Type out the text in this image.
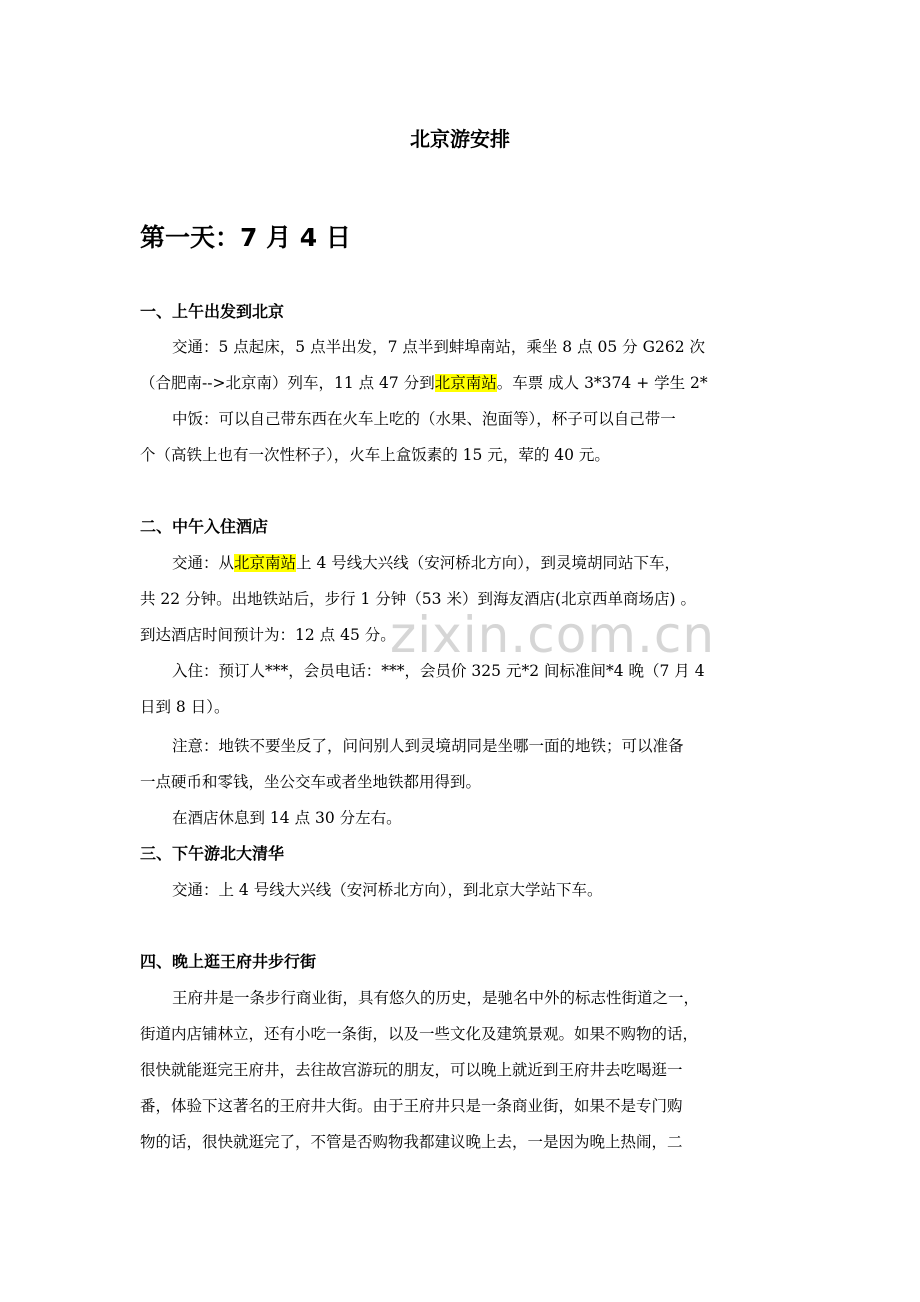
北京游安排
第一天：7 月 4 日
一、上午出发到北京
交通：5 点起床，5 点半出发，7 点半到蚌埠南站，乘坐 8 点 05 分 G262 次
（合肥南-->北京南）列车，11 点 47 分到北京南站。车票 成人 3*374 + 学生 2*
中饭：可以自己带东西在火车上吃的（水果、泡面等），杯子可以自己带一
个（高铁上也有一次性杯子），火车上盒饭素的 15 元，荤的 40 元。
二、中午入住酒店
交通：从北京南站上 4 号线大兴线（安河桥北方向），到灵境胡同站下车，
共 22 分钟。出地铁站后，步行 1 分钟（53 米）到海友酒店(北京西单商场店) 。
到达酒店时间预计为：12 点 45 分。
入住：预订人***，会员电话：***，会员价 325 元*2 间标准间*4 晚（7 月 4
日到 8 日）。
注意：地铁不要坐反了，问问别人到灵境胡同是坐哪一面的地铁；可以准备
一点硬币和零钱，坐公交车或者坐地铁都用得到。
在酒店休息到 14 点 30 分左右。
三、下午游北大清华
交通：上 4 号线大兴线（安河桥北方向），到北京大学站下车。
四、晚上逛王府井步行街
王府井是一条步行商业街，具有悠久的历史，是驰名中外的标志性街道之一，
街道内店铺林立，还有小吃一条街，以及一些文化及建筑景观。如果不购物的话，
很快就能逛完王府井，去往故宫游玩的朋友，可以晚上就近到王府井去吃喝逛一
番，体验下这著名的王府井大街。由于王府井只是一条商业街，如果不是专门购
物的话，很快就逛完了，不管是否购物我都建议晚上去，一是因为晚上热闹，二
zixin.com.cn
